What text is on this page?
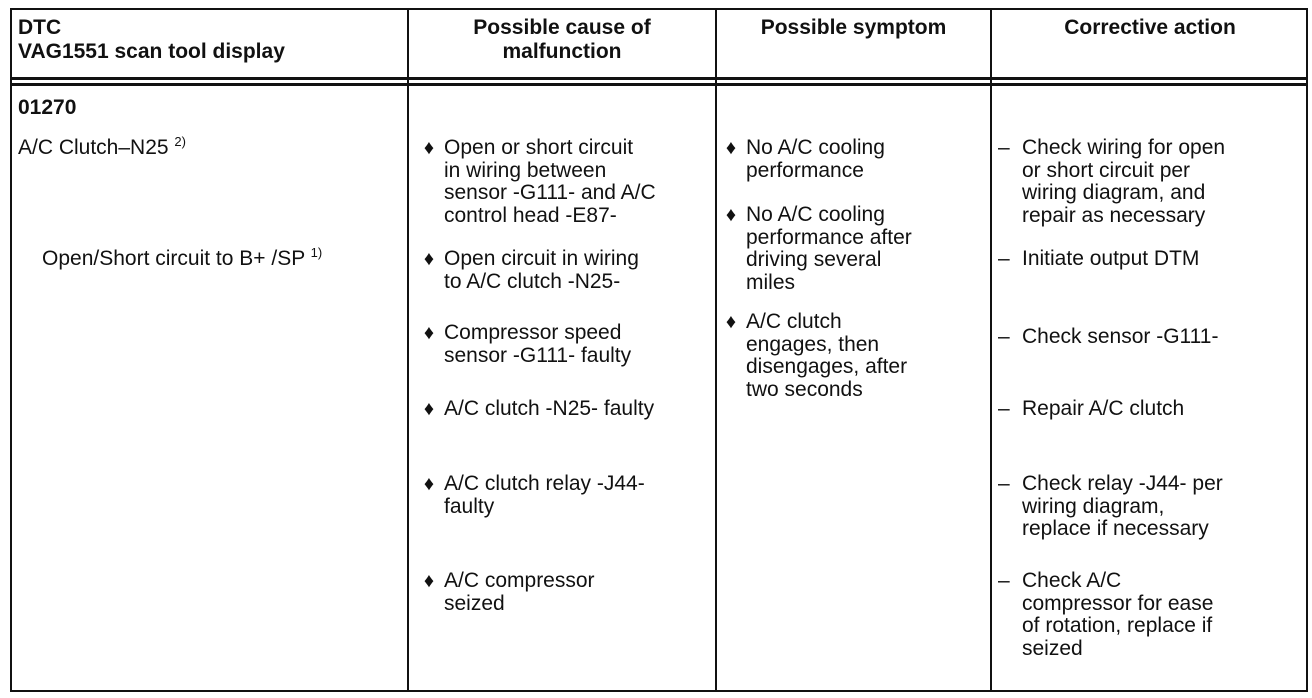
DTC
VAG1551 scan tool display
Possible cause of
malfunction
Possible symptom	Corrective action
01270
A/C Clutch–N25 $^{2)}$
Open/Short circuit to B+ /SP $^{1)}$
♦ Open or short circuit
in wiring between
sensor -G111- and A/C
control head -E87-
♦ Open circuit in wiring
to A/C clutch -N25-
♦ Compressor speed
sensor -G111- faulty
♦ A/C clutch -N25- faulty
♦ A/C clutch relay -J44-
faulty
♦ A/C compressor
seized
♦ No A/C cooling
performance
♦ No A/C cooling
performance after
driving several
miles
♦ A/C clutch
engages, then
disengages, after
two seconds
– Check wiring for open
or short circuit per
wiring diagram, and
repair as necessary
– Initiate output DTM
– Check sensor -G111-
– Repair A/C clutch
– Check relay -J44- per
wiring diagram,
replace if necessary
– Check A/C
compressor for ease
of rotation, replace if
seized
